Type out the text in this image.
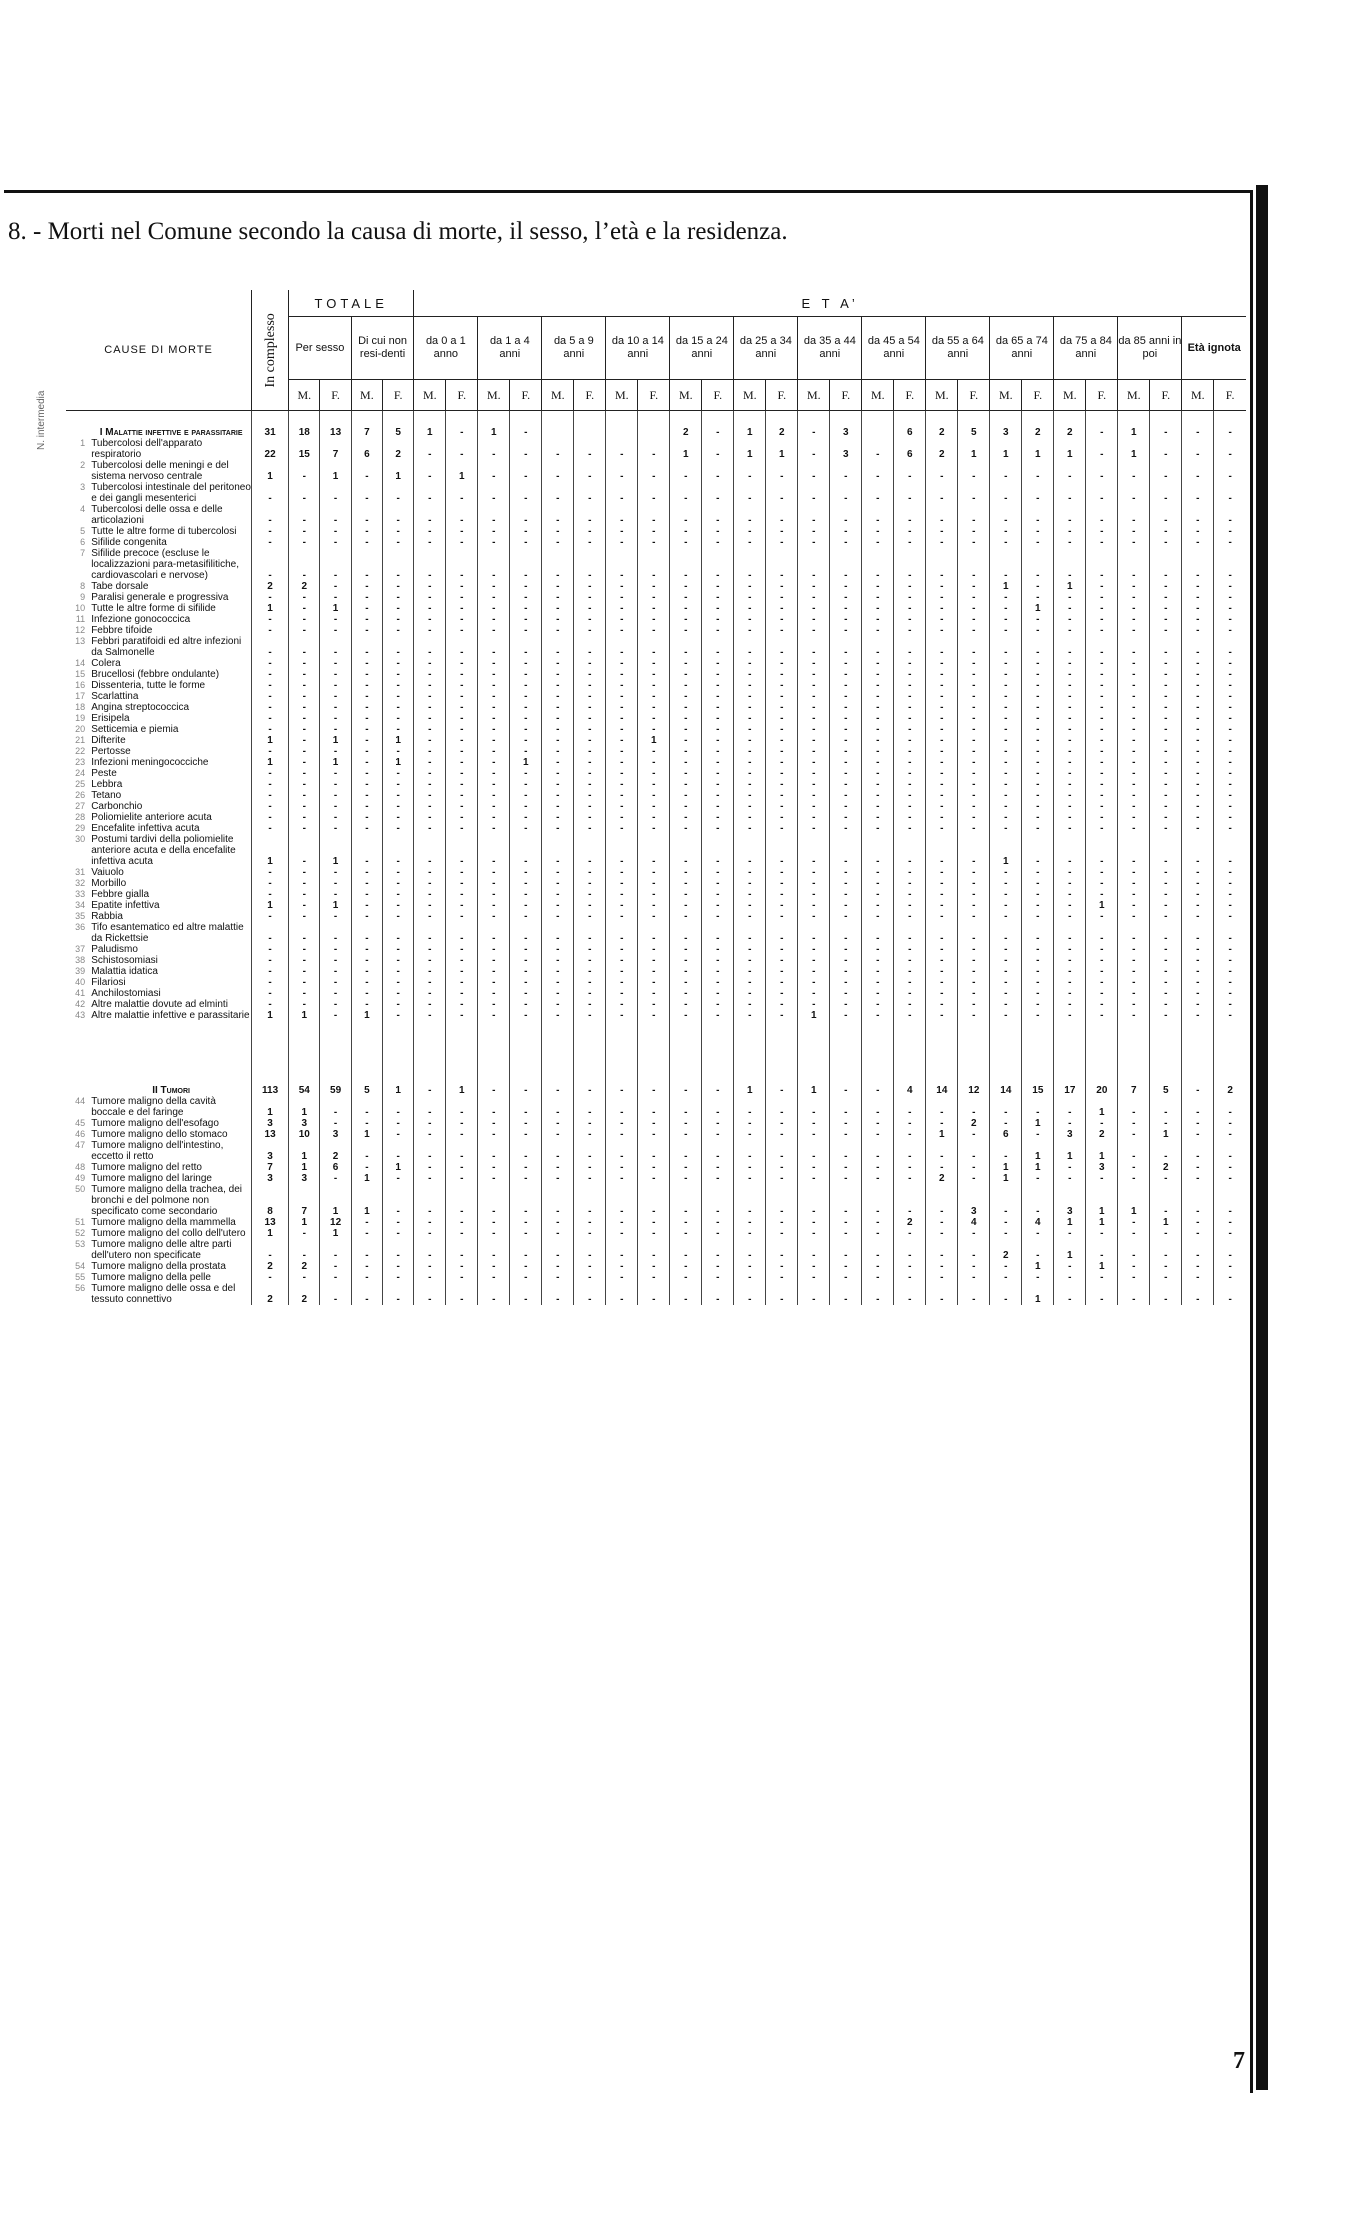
8. - Morti nel Comune secondo la causa di morte, il sesso, l’età e la residenza.
N. intermedia
CAUSE DI MORTE		In complesso	TOTALE				E T A’																									
			Per sesso		Di cui non resi-denti		da 0 a 1 anno		da 1 a 4 anni		da 5 a 9 anni		da 10 a 14 anni		da 15 a 24 anni		da 25 a 34 anni		da 35 a 44 anni		da 45 a 54 anni		da 55 a 64 anni		da 65 a 74 anni		da 75 a 84 anni		da 85 anni in poi		Età ignota	
			M.	F.	M.	F.	M.	F.	M.	F.	M.	F.	M.	F.	M.	F.	M.	F.	M.	F.	M.	F.	M.	F.	M.	F.	M.	F.	M.	F.	M.	F.
	I Malattie infettive e parassitarie	31	18	13	7	5	1	-	1	-					2	-	1	2	-	3		6	2	5	3	2	2	-	1	-	-	-
1	Tubercolosi dell'apparato respiratorio	22	15	7	6	2	-	-	-	-	-	-	-	-	1	-	1	1	-	3	-	6	2	1	1	1	1	-	1	-	-	-
2	Tubercolosi delle meningi e del sistema nervoso centrale	1	-	1	-	1	-	1	-	-	-	-	-	-	-	-	-	-	-	-	-	-	-	-	-	-	-	-	-	-	-	-
3	Tubercolosi intestinale del peritoneo e dei gangli mesenterici	-	-	-	-	-	-	-	-	-	-	-	-	-	-	-	-	-	-	-	-	-	-	-	-	-	-	-	-	-	-	-
4	Tubercolosi delle ossa e delle articolazioni	-	-	-	-	-	-	-	-	-	-	-	-	-	-	-	-	-	-	-	-	-	-	-	-	-	-	-	-	-	-	-
5	Tutte le altre forme di tubercolosi	-	-	-	-	-	-	-	-	-	-	-	-	-	-	-	-	-	-	-	-	-	-	-	-	-	-	-	-	-	-	-
6	Sifilide congenita	-	-	-	-	-	-	-	-	-	-	-	-	-	-	-	-	-	-	-	-	-	-	-	-	-	-	-	-	-	-	-
7	Sifilide precoce (escluse le localizzazioni para-metasifilitiche, cardiovascolari e nervose)	-	-	-	-	-	-	-	-	-	-	-	-	-	-	-	-	-	-	-	-	-	-	-	-	-	-	-	-	-	-	-
8	Tabe dorsale	2	2	-	-	-	-	-	-	-	-	-	-	-	-	-	-	-	-	-	-	-	-	-	1	-	1	-	-	-	-	-
9	Paralisi generale e progressiva	-	-	-	-	-	-	-	-	-	-	-	-	-	-	-	-	-	-	-	-	-	-	-	-	-	-	-	-	-	-	-
10	Tutte le altre forme di sifilide	1	-	1	-	-	-	-	-	-	-	-	-	-	-	-	-	-	-	-	-	-	-	-	-	1	-	-	-	-	-	-
11	Infezione gonococcica	-	-	-	-	-	-	-	-	-	-	-	-	-	-	-	-	-	-	-	-	-	-	-	-	-	-	-	-	-	-	-
12	Febbre tifoide	-	-	-	-	-	-	-	-	-	-	-	-	-	-	-	-	-	-	-	-	-	-	-	-	-	-	-	-	-	-	-
13	Febbri paratifoidi ed altre infezioni da Salmonelle	-	-	-	-	-	-	-	-	-	-	-	-	-	-	-	-	-	-	-	-	-	-	-	-	-	-	-	-	-	-	-
14	Colera	-	-	-	-	-	-	-	-	-	-	-	-	-	-	-	-	-	-	-	-	-	-	-	-	-	-	-	-	-	-	-
15	Brucellosi (febbre ondulante)	-	-	-	-	-	-	-	-	-	-	-	-	-	-	-	-	-	-	-	-	-	-	-	-	-	-	-	-	-	-	-
16	Dissenteria, tutte le forme	-	-	-	-	-	-	-	-	-	-	-	-	-	-	-	-	-	-	-	-	-	-	-	-	-	-	-	-	-	-	-
17	Scarlattina	-	-	-	-	-	-	-	-	-	-	-	-	-	-	-	-	-	-	-	-	-	-	-	-	-	-	-	-	-	-	-
18	Angina streptococcica	-	-	-	-	-	-	-	-	-	-	-	-	-	-	-	-	-	-	-	-	-	-	-	-	-	-	-	-	-	-	-
19	Erisipela	-	-	-	-	-	-	-	-	-	-	-	-	-	-	-	-	-	-	-	-	-	-	-	-	-	-	-	-	-	-	-
20	Setticemia e piemia	-	-	-	-	-	-	-	-	-	-	-	-	-	-	-	-	-	-	-	-	-	-	-	-	-	-	-	-	-	-	-
21	Difterite	1	-	1	-	1	-	-	-	-	-	-	-	1	-	-	-	-	-	-	-	-	-	-	-	-	-	-	-	-	-	-
22	Pertosse	-	-	-	-	-	-	-	-	-	-	-	-	-	-	-	-	-	-	-	-	-	-	-	-	-	-	-	-	-	-	-
23	Infezioni meningococciche	1	-	1	-	1	-	-	-	1	-	-	-	-	-	-	-	-	-	-	-	-	-	-	-	-	-	-	-	-	-	-
24	Peste	-	-	-	-	-	-	-	-	-	-	-	-	-	-	-	-	-	-	-	-	-	-	-	-	-	-	-	-	-	-	-
25	Lebbra	-	-	-	-	-	-	-	-	-	-	-	-	-	-	-	-	-	-	-	-	-	-	-	-	-	-	-	-	-	-	-
26	Tetano	-	-	-	-	-	-	-	-	-	-	-	-	-	-	-	-	-	-	-	-	-	-	-	-	-	-	-	-	-	-	-
27	Carbonchio	-	-	-	-	-	-	-	-	-	-	-	-	-	-	-	-	-	-	-	-	-	-	-	-	-	-	-	-	-	-	-
28	Poliomielite anteriore acuta	-	-	-	-	-	-	-	-	-	-	-	-	-	-	-	-	-	-	-	-	-	-	-	-	-	-	-	-	-	-	-
29	Encefalite infettiva acuta	-	-	-	-	-	-	-	-	-	-	-	-	-	-	-	-	-	-	-	-	-	-	-	-	-	-	-	-	-	-	-
30	Postumi tardivi della poliomielite anteriore acuta e della encefalite infettiva acuta	1	-	1	-	-	-	-	-	-	-	-	-	-	-	-	-	-	-	-	-	-	-	-	1	-	-	-	-	-	-	-
31	Vaiuolo	-	-	-	-	-	-	-	-	-	-	-	-	-	-	-	-	-	-	-	-	-	-	-	-	-	-	-	-	-	-	-
32	Morbillo	-	-	-	-	-	-	-	-	-	-	-	-	-	-	-	-	-	-	-	-	-	-	-	-	-	-	-	-	-	-	-
33	Febbre gialla	-	-	-	-	-	-	-	-	-	-	-	-	-	-	-	-	-	-	-	-	-	-	-	-	-	-	-	-	-	-	-
34	Epatite infettiva	1	-	1	-	-	-	-	-	-	-	-	-	-	-	-	-	-	-	-	-	-	-	-	-	-	-	1	-	-	-	-
35	Rabbia	-	-	-	-	-	-	-	-	-	-	-	-	-	-	-	-	-	-	-	-	-	-	-	-	-	-	-	-	-	-	-
36	Tifo esantematico ed altre malattie da Rickettsie	-	-	-	-	-	-	-	-	-	-	-	-	-	-	-	-	-	-	-	-	-	-	-	-	-	-	-	-	-	-	-
37	Paludismo	-	-	-	-	-	-	-	-	-	-	-	-	-	-	-	-	-	-	-	-	-	-	-	-	-	-	-	-	-	-	-
38	Schistosomiasi	-	-	-	-	-	-	-	-	-	-	-	-	-	-	-	-	-	-	-	-	-	-	-	-	-	-	-	-	-	-	-
39	Malattia idatica	-	-	-	-	-	-	-	-	-	-	-	-	-	-	-	-	-	-	-	-	-	-	-	-	-	-	-	-	-	-	-
40	Filariosi	-	-	-	-	-	-	-	-	-	-	-	-	-	-	-	-	-	-	-	-	-	-	-	-	-	-	-	-	-	-	-
41	Anchilostomiasi	-	-	-	-	-	-	-	-	-	-	-	-	-	-	-	-	-	-	-	-	-	-	-	-	-	-	-	-	-	-	-
42	Altre malattie dovute ad elminti	-	-	-	-	-	-	-	-	-	-	-	-	-	-	-	-	-	-	-	-	-	-	-	-	-	-	-	-	-	-	-
43	Altre malattie infettive e parassitarie	1	1	-	1	-	-	-	-	-	-	-	-	-	-	-	-	-	1	-	-	-	-	-	-	-	-	-	-	-	-	-

	II Tumori	113	54	59	5	1	-	1	-	-	-	-	-	-	-	-	1	-	1	-	-	4	14	12	14	15	17	20	7	5	-	2
44	Tumore maligno della cavità boccale e del faringe	1	1	-	-	-	-	-	-	-	-	-	-	-	-	-	-	-	-	-	-	-	-	-	-	-	-	1	-	-	-	-
45	Tumore maligno dell'esofago	3	3	-	-	-	-	-	-	-	-	-	-	-	-	-	-	-	-	-	-	-	-	2	-	1	-	-	-	-	-	-
46	Tumore maligno dello stomaco	13	10	3	1	-	-	-	-	-	-	-	-	-	-	-	-	-	-	-	-	-	1	-	6	-	3	2	-	1	-	-
47	Tumore maligno dell'intestino, eccetto il retto	3	1	2	-	-	-	-	-	-	-	-	-	-	-	-	-	-	-	-	-	-	-	-	-	1	1	1	-	-	-	-
48	Tumore maligno del retto	7	1	6	-	1	-	-	-	-	-	-	-	-	-	-	-	-	-	-	-	-	-	-	1	1	-	3	-	2	-	-
49	Tumore maligno del laringe	3	3	-	1	-	-	-	-	-	-	-	-	-	-	-	-	-	-	-	-	-	2	-	1	-	-	-	-	-	-	-
50	Tumore maligno della trachea, dei bronchi e del polmone non specificato come secondario	8	7	1	1	-	-	-	-	-	-	-	-	-	-	-	-	-	-	-	-	-	-	3	-	-	3	1	1	-	-	-
51	Tumore maligno della mammella	13	1	12	-	-	-	-	-	-	-	-	-	-	-	-	-	-	-	-	-	2	-	4	-	4	1	1	-	1	-	-
52	Tumore maligno del collo dell'utero	1	-	1	-	-	-	-	-	-	-	-	-	-	-	-	-	-	-	-	-	-	-	-	-	-	-	-	-	-	-	-
53	Tumore maligno delle altre parti dell'utero non specificate	-	-	-	-	-	-	-	-	-	-	-	-	-	-	-	-	-	-	-	-	-	-	-	2	-	1	-	-	-	-	-
54	Tumore maligno della prostata	2	2	-	-	-	-	-	-	-	-	-	-	-	-	-	-	-	-	-	-	-	-	-	-	1	-	1	-	-	-	-
55	Tumore maligno della pelle	-	-	-	-	-	-	-	-	-	-	-	-	-	-	-	-	-	-	-	-	-	-	-	-	-	-	-	-	-	-	-
56	Tumore maligno delle ossa e del tessuto connettivo	2	2	-	-	-	-	-	-	-	-	-	-	-	-	-	-	-	-	-	-	-	-	-	-	1	-	-	-	-	-	-
7
